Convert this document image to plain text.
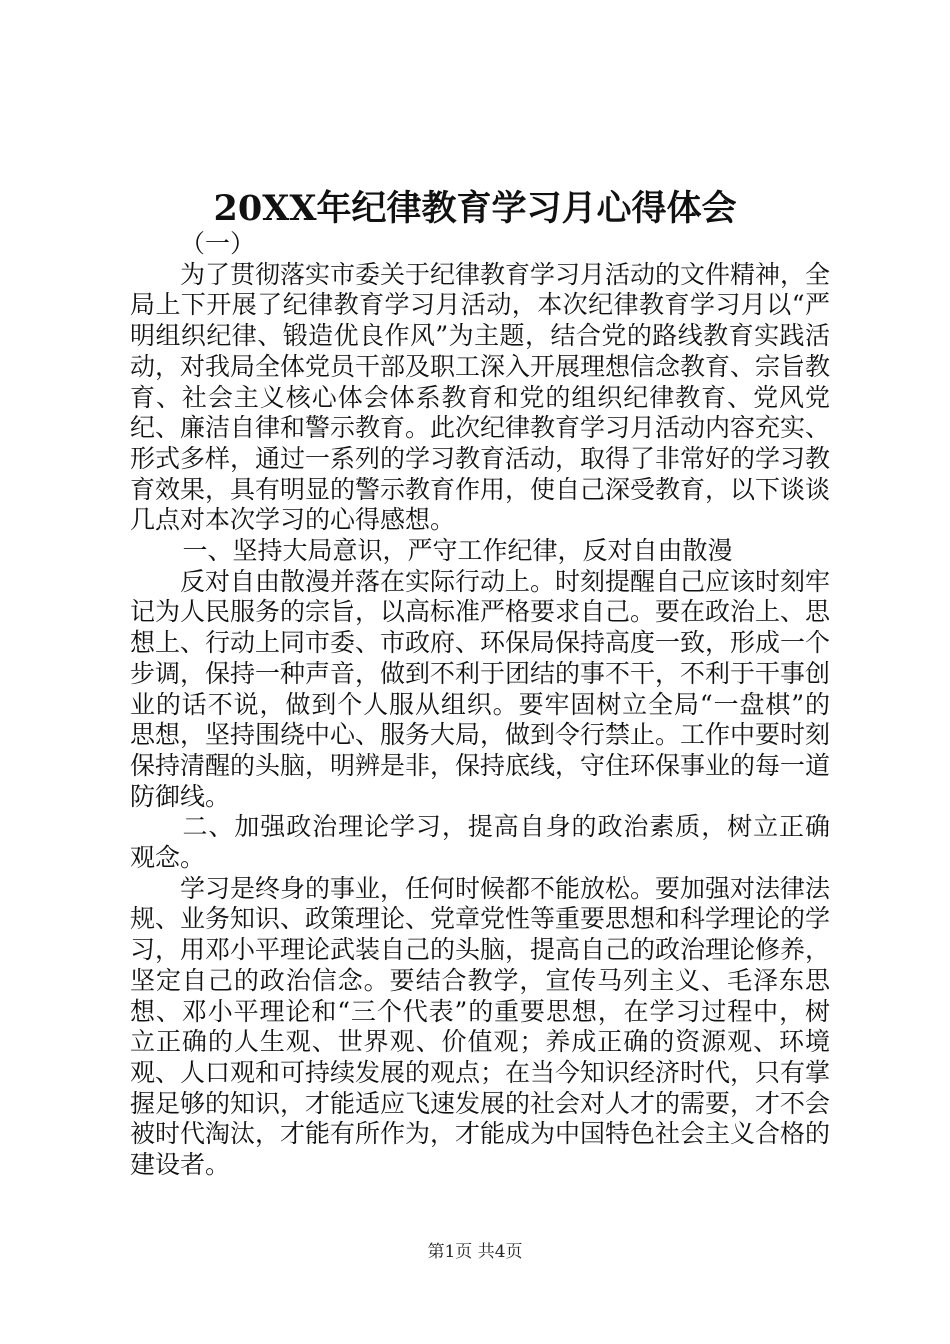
20XX年纪律教育学习月心得体会

（一）

为了贯彻落实市委关于纪律教育学习月活动的文件精神，全局上下开展了纪律教育学习月活动，本次纪律教育学习月以“严明组织纪律、锻造优良作风”为主题，结合党的路线教育实践活动，对我局全体党员干部及职工深入开展理想信念教育、宗旨教育、社会主义核心体会体系教育和党的组织纪律教育、党风党纪、廉洁自律和警示教育。此次纪律教育学习月活动内容充实、形式多样，通过一系列的学习教育活动，取得了非常好的学习教育效果，具有明显的警示教育作用，使自己深受教育，以下谈谈几点对本次学习的心得感想。

一、坚持大局意识，严守工作纪律，反对自由散漫

反对自由散漫并落在实际行动上。时刻提醒自己应该时刻牢记为人民服务的宗旨，以高标准严格要求自己。要在政治上、思想上、行动上同市委、市政府、环保局保持高度一致，形成一个步调，保持一种声音，做到不利于团结的事不干，不利于干事创业的话不说，做到个人服从组织。要牢固树立全局“一盘棋”的思想，坚持围绕中心、服务大局，做到令行禁止。工作中要时刻保持清醒的头脑，明辨是非，保持底线，守住环保事业的每一道防御线。

二、加强政治理论学习，提高自身的政治素质，树立正确观念。

学习是终身的事业，任何时候都不能放松。要加强对法律法规、业务知识、政策理论、党章党性等重要思想和科学理论的学习，用邓小平理论武装自己的头脑，提高自己的政治理论修养，坚定自己的政治信念。要结合教学，宣传马列主义、毛泽东思想、邓小平理论和“三个代表”的重要思想，在学习过程中，树立正确的人生观、世界观、价值观；养成正确的资源观、环境观、人口观和可持续发展的观点；在当今知识经济时代，只有掌握足够的知识，才能适应飞速发展的社会对人才的需要，才不会被时代淘汰，才能有所作为，才能成为中国特色社会主义合格的建设者。

第1页 共4页
